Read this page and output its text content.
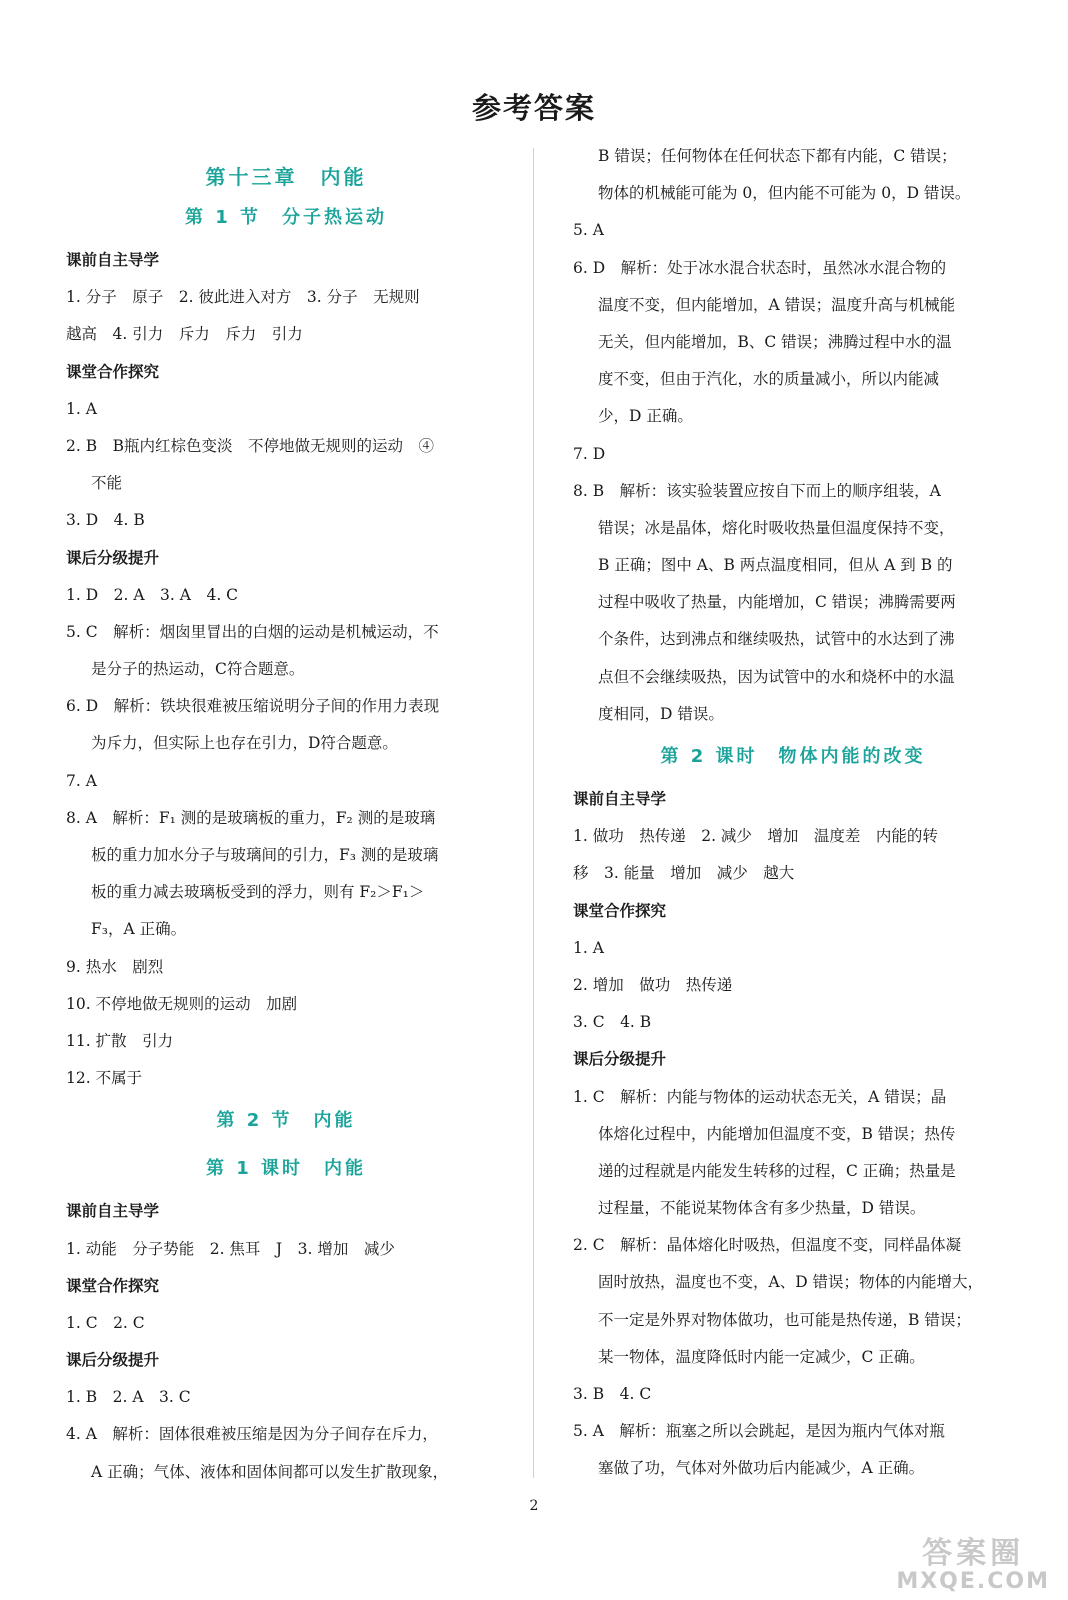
参考答案
第十三章　内能
第 1 节　分子热运动
课前自主导学
1. 分子　原子　2. 彼此进入对方　3. 分子　无规则
越高　4. 引力　斥力　斥力　引力
课堂合作探究
1. A
2. B　B瓶内红棕色变淡　不停地做无规则的运动　④
不能
3. D　4. B
课后分级提升
1. D　2. A　3. A　4. C
5. C　解析：烟囱里冒出的白烟的运动是机械运动，不
是分子的热运动，C符合题意。
6. D　解析：铁块很难被压缩说明分子间的作用力表现
为斥力，但实际上也存在引力，D符合题意。
7. A
8. A　解析：F₁ 测的是玻璃板的重力，F₂ 测的是玻璃
板的重力加水分子与玻璃间的引力，F₃ 测的是玻璃
板的重力减去玻璃板受到的浮力，则有 F₂＞F₁＞
F₃，A 正确。
9. 热水　剧烈
10. 不停地做无规则的运动　加剧
11. 扩散　引力
12. 不属于
第 2 节　内能
第 1 课时　内能
课前自主导学
1. 动能　分子势能　2. 焦耳　J　3. 增加　减少
课堂合作探究
1. C　2. C
课后分级提升
1. B　2. A　3. C
4. A　解析：固体很难被压缩是因为分子间存在斥力，
A 正确；气体、液体和固体间都可以发生扩散现象，
B 错误；任何物体在任何状态下都有内能，C 错误；
物体的机械能可能为 0，但内能不可能为 0，D 错误。
5. A
6. D　解析：处于冰水混合状态时，虽然冰水混合物的
温度不变，但内能增加，A 错误；温度升高与机械能
无关，但内能增加，B、C 错误；沸腾过程中水的温
度不变，但由于汽化，水的质量减小，所以内能减
少，D 正确。
7. D
8. B　解析：该实验装置应按自下而上的顺序组装，A
错误；冰是晶体，熔化时吸收热量但温度保持不变，
B 正确；图中 A、B 两点温度相同，但从 A 到 B 的
过程中吸收了热量，内能增加，C 错误；沸腾需要两
个条件，达到沸点和继续吸热，试管中的水达到了沸
点但不会继续吸热，因为试管中的水和烧杯中的水温
度相同，D 错误。
第 2 课时　物体内能的改变
课前自主导学
1. 做功　热传递　2. 减少　增加　温度差　内能的转
移　3. 能量　增加　减少　越大
课堂合作探究
1. A
2. 增加　做功　热传递
3. C　4. B
课后分级提升
1. C　解析：内能与物体的运动状态无关，A 错误；晶
体熔化过程中，内能增加但温度不变，B 错误；热传
递的过程就是内能发生转移的过程，C 正确；热量是
过程量，不能说某物体含有多少热量，D 错误。
2. C　解析：晶体熔化时吸热，但温度不变，同样晶体凝
固时放热，温度也不变，A、D 错误；物体的内能增大，
不一定是外界对物体做功，也可能是热传递，B 错误；
某一物体，温度降低时内能一定减少，C 正确。
3. B　4. C
5. A　解析：瓶塞之所以会跳起，是因为瓶内气体对瓶
塞做了功，气体对外做功后内能减少，A 正确。
2
答案圈
MXQE.COM
